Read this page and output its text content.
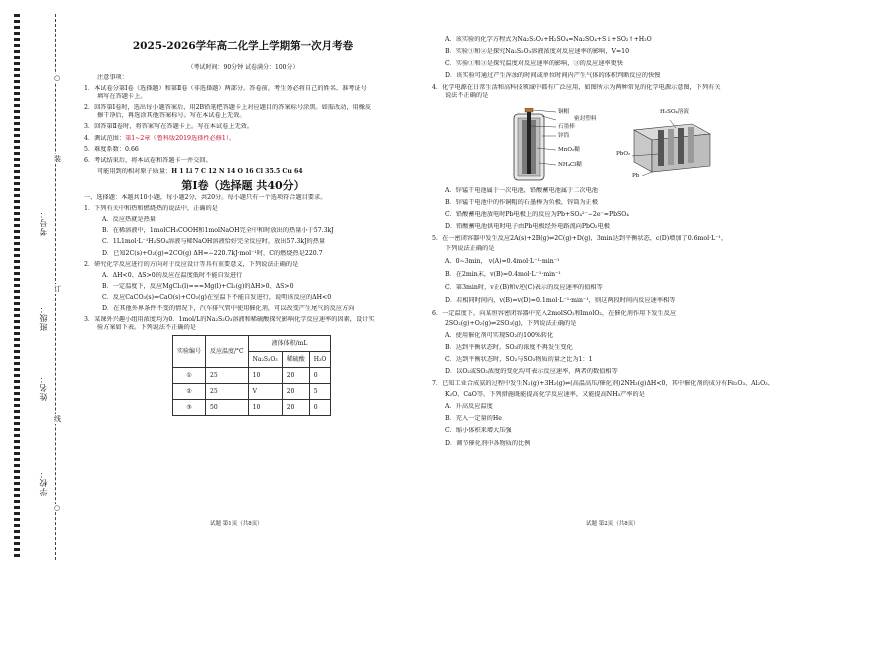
考号：
班级：
姓名：
学校：
○
装
订
线
○
2025-2026学年高二化学上学期第一次月考卷
（考试时间：90分钟 试卷满分：100分）

注意事项：

1．本试卷分第Ⅰ卷（选择题）和第Ⅱ卷（非选择题）两部分。答卷前，考生务必将自己的姓名、准考证号

填写在答题卡上。

2．回答第Ⅰ卷时，选出每小题答案后，用2B铅笔把答题卡上对应题目的答案标号涂黑。如需改动，用橡皮

擦干净后，再选涂其他答案标号。写在本试卷上无效。

3．回答第Ⅱ卷时，将答案写在答题卡上。写在本试卷上无效。

4．测试范围：第1~2章（鲁科版2019选择性必修1）。

5．难度系数：0.66

6．考试结束后，将本试卷和答题卡一并交回。

可能用到的相对原子质量：H 1 Li 7 C 12 N 14 O 16 Cl 35.5 Cu 64

第Ⅰ卷（选择题 共40分）

一、选择题：本题共10小题，每小题2分，共20分。每小题只有一个选项符合题目要求。

1．下列有关中和热和燃烧热的说法中，正确的是

A．反应热就是热量

B．在稀溶液中，1molCH₃COOH和1molNaOH完全中和时放出的热量小于57.3kJ

C．1L1mol·L⁻¹H₂SO₄溶液与稀NaOH溶液恰好完全反应时，放出57.3kJ的热量

D．已知2C(s)+O₂(g)=2CO(g) ΔH=−220.7kJ·mol⁻¹时，C的燃烧热是220.7

2．研究化学反应进行的方向对于反应设计等具有重要意义，下列说法正确的是

A．ΔH<0、ΔS>0的反应在温度低时不能自发进行

B．一定温度下，反应MgCl₂(l)===Mg(l)+Cl₂(g)的ΔH>0、ΔS>0

C．反应CaCO₃(s)=CaO(s)+CO₂(g)在室温下不能自发进行，说明该反应的ΔH<0

D．在其他外界条件不变的情况下，汽车排气管中使用催化剂，可以改变产生尾气的反应方向

3．某课外兴趣小组用浓度均为0．1mol/L的Na₂S₂O₃溶液和稀硫酸探究影响化学反应速率的因素，设计实

验方案如下表。下列说法不正确的是

实验编号	反应温度/°C	液体体积/mL		
		Na₂S₂O₃	稀硫酸	H₂O
①	25	10	20	0
②	25	V	20	5
③	50	10	20	0
试题 第1页（共8页）

A．该实验的化学方程式为Na₂S₂O₃+H₂SO₄=Na₂SO₄+S↓+SO₂↑+H₂O

B．实验①和②是探究Na₂S₂O₃溶液浓度对反应速率的影响，V=10

C．实验①和③是探究温度对反应速率的影响，③的反应速率更快

D．该实验可通过产生浑浊的时间或单位时间内产生气体的体积判断反应的快慢

4．化学电源在日常生活和高科技领域中都有广泛应用，如图所示为两种常见的化学电源示意图，下列有关

说法不正确的是

铜帽
密封塑料
石墨棒
锌筒
MnO₂糊
NH₄Cl糊
H₂SO₄溶液
PbO₂
Pb

A．锌锰干电池属于一次电池，铅酸蓄电池属于二次电池

B．锌锰干电池中的作铜帽的石墨棒为负极，锌筒为正极

C．铅酸蓄电池放电时Pb电极上的反应为Pb+SO₄²⁻−2e⁻=PbSO₄

D．铅酸蓄电池供电时电子由Pb电极经外电路流向PbO₂电极

5．在一密闭容器中发生反应2A(s)+2B(g)⇌2C(g)+D(g)，3min达到平衡状态，c(D)增加了0.6mol·L⁻¹，

下列说法正确的是

A．0~3min， v(A)=0.4mol·L⁻¹·min⁻¹

B．在2min末，v(B)=0.4mol·L⁻¹·min⁻¹

C．第3min时，v正(B)和v逆(C)表示的反应速率的值相等

D．若相同时间内，v(B)=v(D)=0.1mol·L⁻¹·min⁻¹，则这两段时间内反应速率相等

6．一定温度下，向某恒容密闭容器中充入2molSO₂和lmolO₂，在催化剂作用下发生反应

2SO₂(g)+O₂(g)⇌2SO₃(g)，下列说法正确的是

A．使用催化剂可实现SO₂的100%转化

B．达到平衡状态时，SO₃的浓度不再发生变化

C．达到平衡状态时，SO₂与SO₃物质的量之比为1：1

D．以O₂或SO₂浓度的变化均可表示反应速率，两者的数值相等

7．已知工业合成氨的过程中发生N₂(g)+3H₂(g)⇌(高温高压/催化剂)2NH₃(g)ΔH<0，其中催化剂的成分有Fe₂O₃、Al₂O₃、

K₂O、CaO等。下列措施既能提高化学反应速率，又能提高NH₃产率的是

A．升高反应温度

B．充入一定量的He

C．缩小体积来增大压强

D．调节催化剂中各物质的比例

试题 第2页（共8页）
